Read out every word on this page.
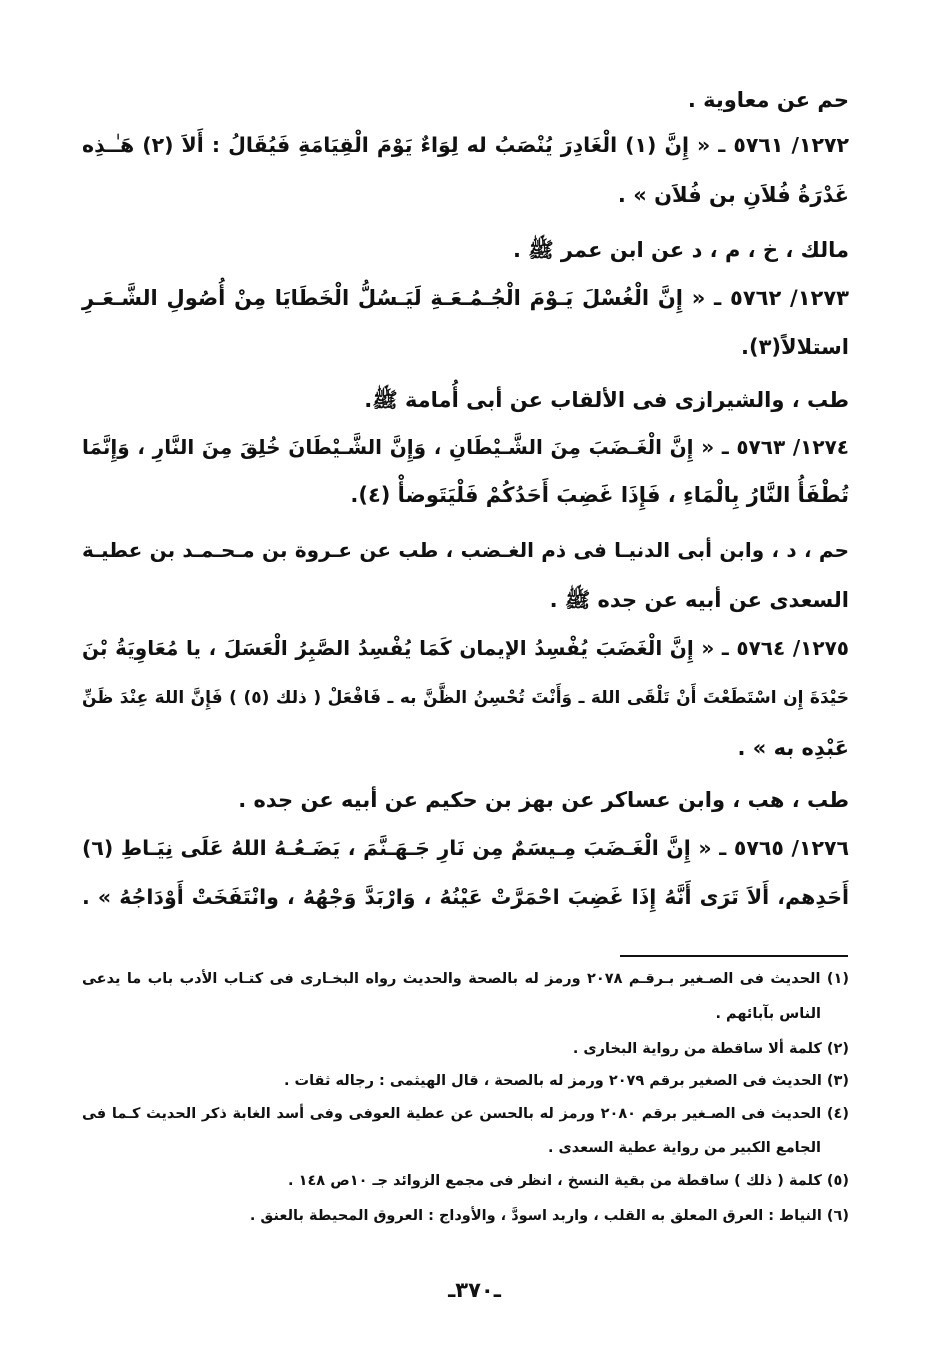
حم عن معاوية .
١٢٧٢/ ٥٧٦١ ـ « إِنَّ (١) الْغَادِرَ يُنْصَبُ له لِوَاءٌ يَوْمَ الْقِيَامَةِ فَيُقَالُ : أَلاَ (٢) هَـٰـذِه
غَدْرَةُ فُلاَنِ بن فُلاَن » .
مالك ، خ ، م ، د عن ابن عمر ﷺ .
١٢٧٣/ ٥٧٦٢ ـ « إِنَّ الْغُسْلَ يَـوْمَ الْجُـمُـعَـةِ لَيَـسُلُّ الْخَطَايَا مِنْ أُصُولِ الشَّـعَـرِ
استلالاً(٣).
طب ، والشيرازى فى الألقاب عن أبى أُمامة ﷺ.
١٢٧٤/ ٥٧٦٣ ـ « إِنَّ الْغَـضَبَ مِنَ الشَّـيْطَانِ ، وَإِنَّ الشَّـيْطَانَ خُلِقَ مِنَ النَّارِ ، وَإِنَّمَا
تُطْفَأُ النَّارُ بِالْمَاءِ ، فَإِذَا غَضِبَ أَحَدُكُمْ فَلْيَتَوضأْ (٤).
حم ، د ، وابن أبى الدنيـا فى ذم الغـضب ، طب عن عـروة بن مـحـمـد بن عطيـة
السعدى عن أبيه عن جده ﷺ .
١٢٧٥/ ٥٧٦٤ ـ « إِنَّ الْغَضَبَ يُفْسِدُ الإيمان كَمَا يُفْسِدُ الصَّبِرُ الْعَسَلَ ، يا مُعَاوِيَةُ بْنَ
حَيْدَةَ إِن اسْتَطَعْتَ أَنْ تَلْقَى اللهَ ـ وَأَنْتَ تُحْسِنُ الظَّنَّ به ـ فَافْعَلْ ( ذلك (٥) ) فَإِنَّ اللهَ عِنْدَ ظَنِّ
عَبْدِه به » .
طب ، هب ، وابن عساكر عن بهز بن حكيم عن أبيه عن جده .
١٢٧٦/ ٥٧٦٥ ـ « إِنَّ الْغَـضَبَ مِـيسَمٌ مِن نَارِ جَـهَـنَّمَ ، يَضَـعُـهُ اللهُ عَلَى نِيَـاطِ (٦)
أَحَدِهم، أَلاَ تَرَى أَنَّهُ إِذَا غَضِبَ احْمَرَّتْ عَيْنُهُ ، وَارْبَدَّ وَجْهُهُ ، وانْتَفَخَتْ أَوْدَاجُهُ » .
(١) الحديث فى الصـغير بـرقـم ٢٠٧٨ ورمز له بالصحة والحديث رواه البخـارى فى كتـاب الأدب باب ما يدعى
الناس بآبائهم .
(٢) كلمة ألا ساقطة من رواية البخارى .
(٣) الحديث فى الصغير برقم ٢٠٧٩ ورمز له بالصحة ، قال الهيثمى : رجاله ثقات .
(٤) الحديث فى الصـغير برقم ٢٠٨٠ ورمز له بالحسن عن عطية العوفى وفى أسد الغابة ذكر الحديث كـما فى
الجامع الكبير من رواية عطية السعدى .
(٥) كلمة ( ذلك ) ساقطة من بقية النسخ ، انظر فى مجمع الزوائد جـ ١٠ص ١٤٨ .
(٦) النياط : العرق المعلق به القلب ، واربد اسودَّ ، والأوداج : العروق المحيطة بالعنق .
ـ٣٧٠ـ
